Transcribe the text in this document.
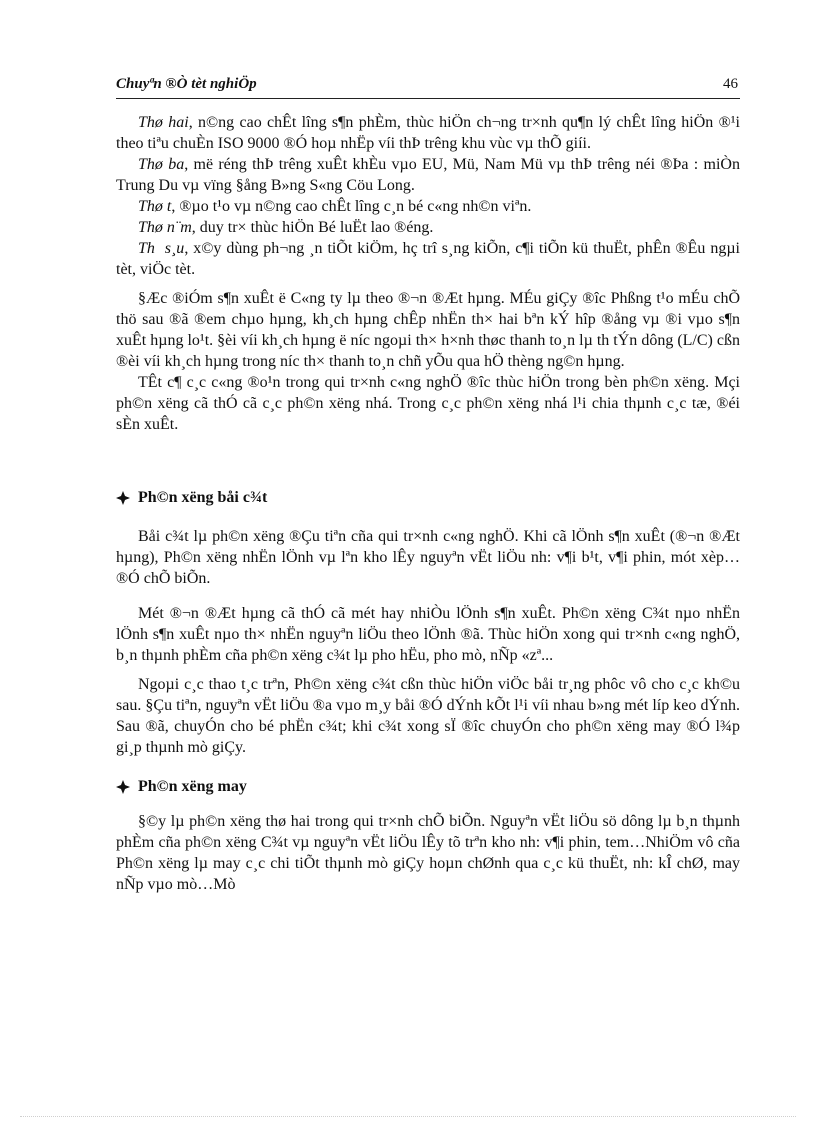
Chuyªn ®Ò tèt nghiÖp	46

Thø hai, n©ng cao chÊt lîng s¶n phÈm, thùc hiÖn ch¬ng tr×nh qu¶n lý chÊt lîng hiÖn ®¹i theo tiªu chuÈn ISO 9000 ®Ó hoµ nhËp víi thÞ trêng khu vùc vµ thÕ giíi.

Thø ba, më réng thÞ trêng xuÊt khÈu vµo EU, Mü, Nam Mü vµ thÞ trêng néi ®Þa : miÒn Trung Du vµ vïng §ång B»ng S«ng Cöu Long.

Thø t, ®µo t¹o vµ n©ng cao chÊt lîng c¸n bé c«ng nh©n viªn.

Thø n¨m, duy tr× thùc hiÖn Bé luËt lao ®éng.

Th  s¸u, x©y dùng ph¬ng ¸n tiÕt kiÖm, hç trî s¸ng kiÕn, c¶i tiÕn kü thuËt, phÊn ®Êu ngµi tèt, viÖc tèt.

§Æc ®iÓm s¶n xuÊt ë C«ng ty lµ theo ®¬n ®Æt hµng. MÉu giÇy ®îc Phßng t¹o mÉu chÕ thö sau ®ã ®em chµo hµng, kh¸ch hµng chÊp nhËn th× hai bªn kÝ hîp ®ång vµ ®i vµo s¶n xuÊt hµng lo¹t. §èi víi kh¸ch hµng ë níc ngoµi th× h×nh thøc thanh to¸n lµ th tÝn dông (L/C) cßn ®èi víi kh¸ch hµng trong níc th× thanh to¸n chñ yÕu qua hÖ thèng ng©n hµng.

TÊt c¶ c¸c c«ng ®o¹n trong qui tr×nh c«ng nghÖ ®îc thùc hiÖn trong bèn ph©n xëng. Mçi ph©n xëng cã thÓ cã c¸c ph©n xëng nhá. Trong c¸c ph©n xëng nhá l¹i chia thµnh c¸c tæ, ®éi sÈn xuÊt.

Ph©n xëng båi c¾t

Båi c¾t lµ ph©n xëng ®Çu tiªn cña qui tr×nh c«ng nghÖ. Khi cã lÖnh s¶n xuÊt (®¬n ®Æt hµng), Ph©n xëng nhËn lÖnh vµ lªn kho lÊy nguyªn vËt liÖu nh: v¶i b¹t, v¶i phin, mót xèp… ®Ó chÕ biÕn.

Mét ®¬n ®Æt hµng cã thÓ cã mét hay nhiÒu lÖnh s¶n xuÊt. Ph©n xëng C¾t nµo nhËn lÖnh s¶n xuÊt nµo th× nhËn nguyªn liÖu theo lÖnh ®ã. Thùc hiÖn xong qui tr×nh c«ng nghÖ, b¸n thµnh phÈm cña ph©n xëng c¾t lµ pho hËu, pho mò, nÑp «zª...

Ngoµi c¸c thao t¸c trªn, Ph©n xëng c¾t cßn thùc hiÖn viÖc båi tr¸ng phôc vô cho c¸c kh©u sau. §Çu tiªn, nguyªn vËt liÖu ®a vµo m¸y båi ®Ó dÝnh kÕt l¹i víi nhau b»ng mét líp keo dÝnh. Sau ®ã, chuyÓn cho bé phËn c¾t; khi c¾t xong sÏ ®îc chuyÓn cho ph©n xëng may ®Ó l¾p gi¸p thµnh mò giÇy.

Ph©n xëng may

§©y lµ ph©n xëng thø hai trong qui tr×nh chÕ biÕn. Nguyªn vËt liÖu sö dông lµ b¸n thµnh phÈm cña ph©n xëng C¾t vµ nguyªn vËt liÖu lÊy tõ trªn kho nh: v¶i phin, tem…NhiÖm vô cña Ph©n xëng lµ may c¸c chi tiÕt thµnh mò giÇy hoµn chØnh qua c¸c kü thuËt, nh: kÎ chØ, may nÑp vµo mò…Mò
